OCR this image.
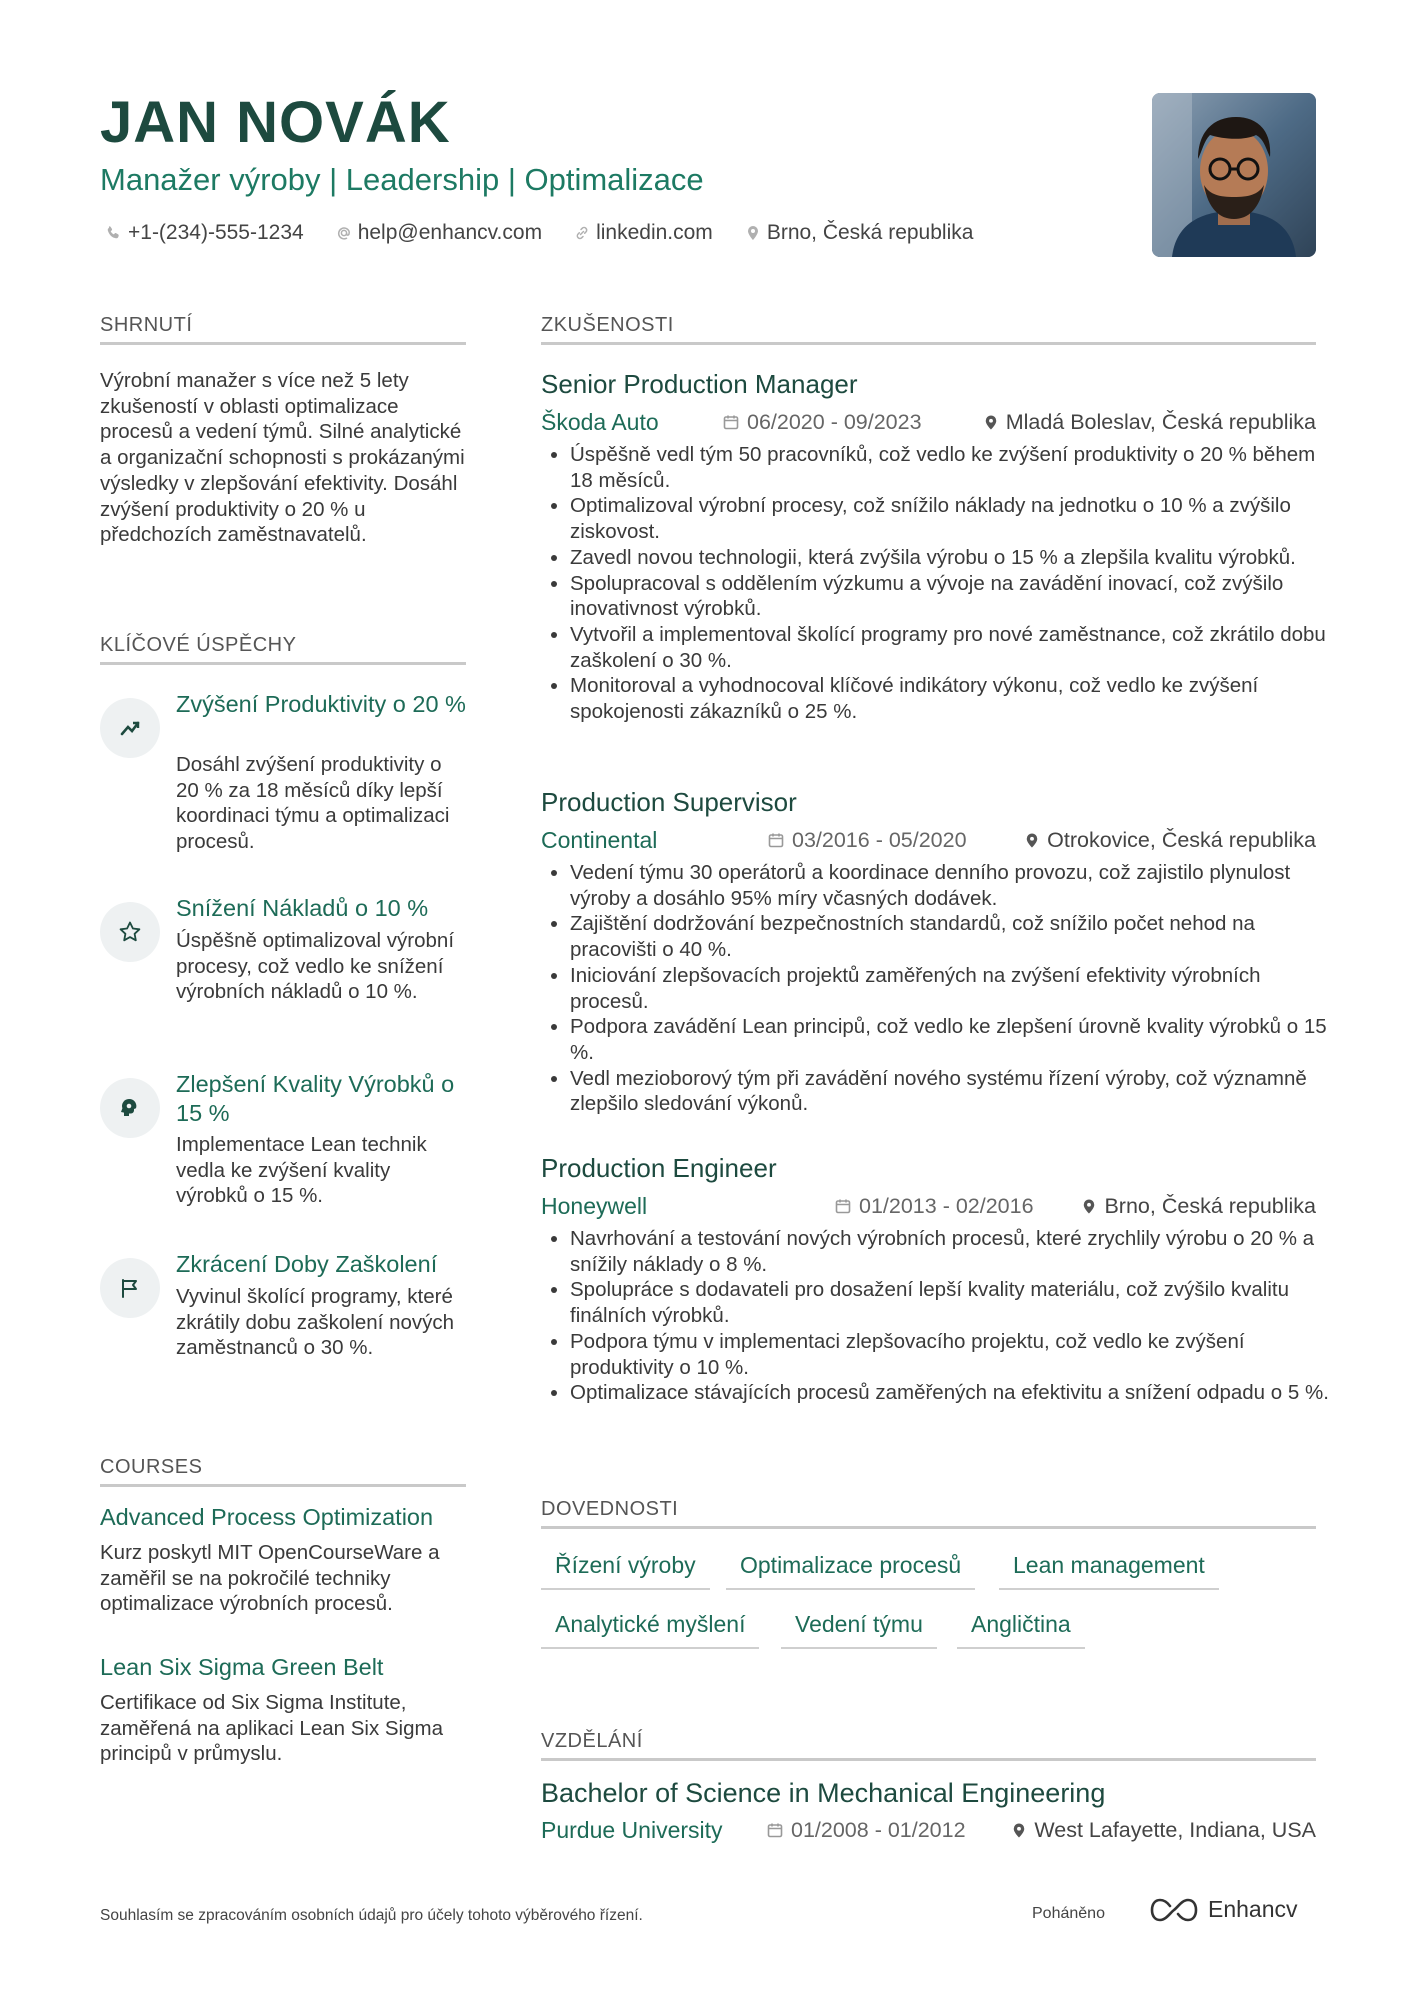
JAN NOVÁK
Manažer výroby | Leadership | Optimalizace
+1-(234)-555-1234	help@enhancv.com	linkedin.com	Brno, Česká republika
SHRNUTÍ
Výrobní manažer s více než 5 lety zkušeností v oblasti optimalizace procesů a vedení týmů. Silné analytické a organizační schopnosti s prokázanými výsledky v zlepšování efektivity. Dosáhl zvýšení produktivity o 20 % u předchozích zaměstnavatelů.
KLÍČOVÉ ÚSPĚCHY
Zvýšení Produktivity o 20 %
Dosáhl zvýšení produktivity o 20 % za 18 měsíců díky lepší koordinaci týmu a optimalizaci procesů.
Snížení Nákladů o 10 %
Úspěšně optimalizoval výrobní procesy, což vedlo ke snížení výrobních nákladů o 10 %.
Zlepšení Kvality Výrobků o 15 %
Implementace Lean technik vedla ke zvýšení kvality výrobků o 15 %.
Zkrácení Doby Zaškolení
Vyvinul školící programy, které zkrátily dobu zaškolení nových zaměstnanců o 30 %.
COURSES
Advanced Process Optimization
Kurz poskytl MIT OpenCourseWare a zaměřil se na pokročilé techniky optimalizace výrobních procesů.
Lean Six Sigma Green Belt
Certifikace od Six Sigma Institute, zaměřená na aplikaci Lean Six Sigma principů v průmyslu.
ZKUŠENOSTI
Senior Production Manager
Škoda Auto	06/2020 - 09/2023	Mladá Boleslav, Česká republika
• Úspěšně vedl tým 50 pracovníků, což vedlo ke zvýšení produktivity o 20 % během 18 měsíců.
• Optimalizoval výrobní procesy, což snížilo náklady na jednotku o 10 % a zvýšilo ziskovost.
• Zavedl novou technologii, která zvýšila výrobu o 15 % a zlepšila kvalitu výrobků.
• Spolupracoval s oddělením výzkumu a vývoje na zavádění inovací, což zvýšilo inovativnost výrobků.
• Vytvořil a implementoval školící programy pro nové zaměstnance, což zkrátilo dobu zaškolení o 30 %.
• Monitoroval a vyhodnocoval klíčové indikátory výkonu, což vedlo ke zvýšení spokojenosti zákazníků o 25 %.
Production Supervisor
Continental	03/2016 - 05/2020	Otrokovice, Česká republika
• Vedení týmu 30 operátorů a koordinace denního provozu, což zajistilo plynulost výroby a dosáhlo 95% míry včasných dodávek.
• Zajištění dodržování bezpečnostních standardů, což snížilo počet nehod na pracovišti o 40 %.
• Iniciování zlepšovacích projektů zaměřených na zvýšení efektivity výrobních procesů.
• Podpora zavádění Lean principů, což vedlo ke zlepšení úrovně kvality výrobků o 15 %.
• Vedl mezioborový tým při zavádění nového systému řízení výroby, což významně zlepšilo sledování výkonů.
Production Engineer
Honeywell	01/2013 - 02/2016	Brno, Česká republika
• Navrhování a testování nových výrobních procesů, které zrychlily výrobu o 20 % a snížily náklady o 8 %.
• Spolupráce s dodavateli pro dosažení lepší kvality materiálu, což zvýšilo kvalitu finálních výrobků.
• Podpora týmu v implementaci zlepšovacího projektu, což vedlo ke zvýšení produktivity o 10 %.
• Optimalizace stávajících procesů zaměřených na efektivitu a snížení odpadu o 5 %.
DOVEDNOSTI
Řízení výroby	Optimalizace procesů	Lean management
Analytické myšlení	Vedení týmu	Angličtina
VZDĚLÁNÍ
Bachelor of Science in Mechanical Engineering
Purdue University	01/2008 - 01/2012	West Lafayette, Indiana, USA
Souhlasím se zpracováním osobních údajů pro účely tohoto výběrového řízení.	Poháněno	Enhancv
